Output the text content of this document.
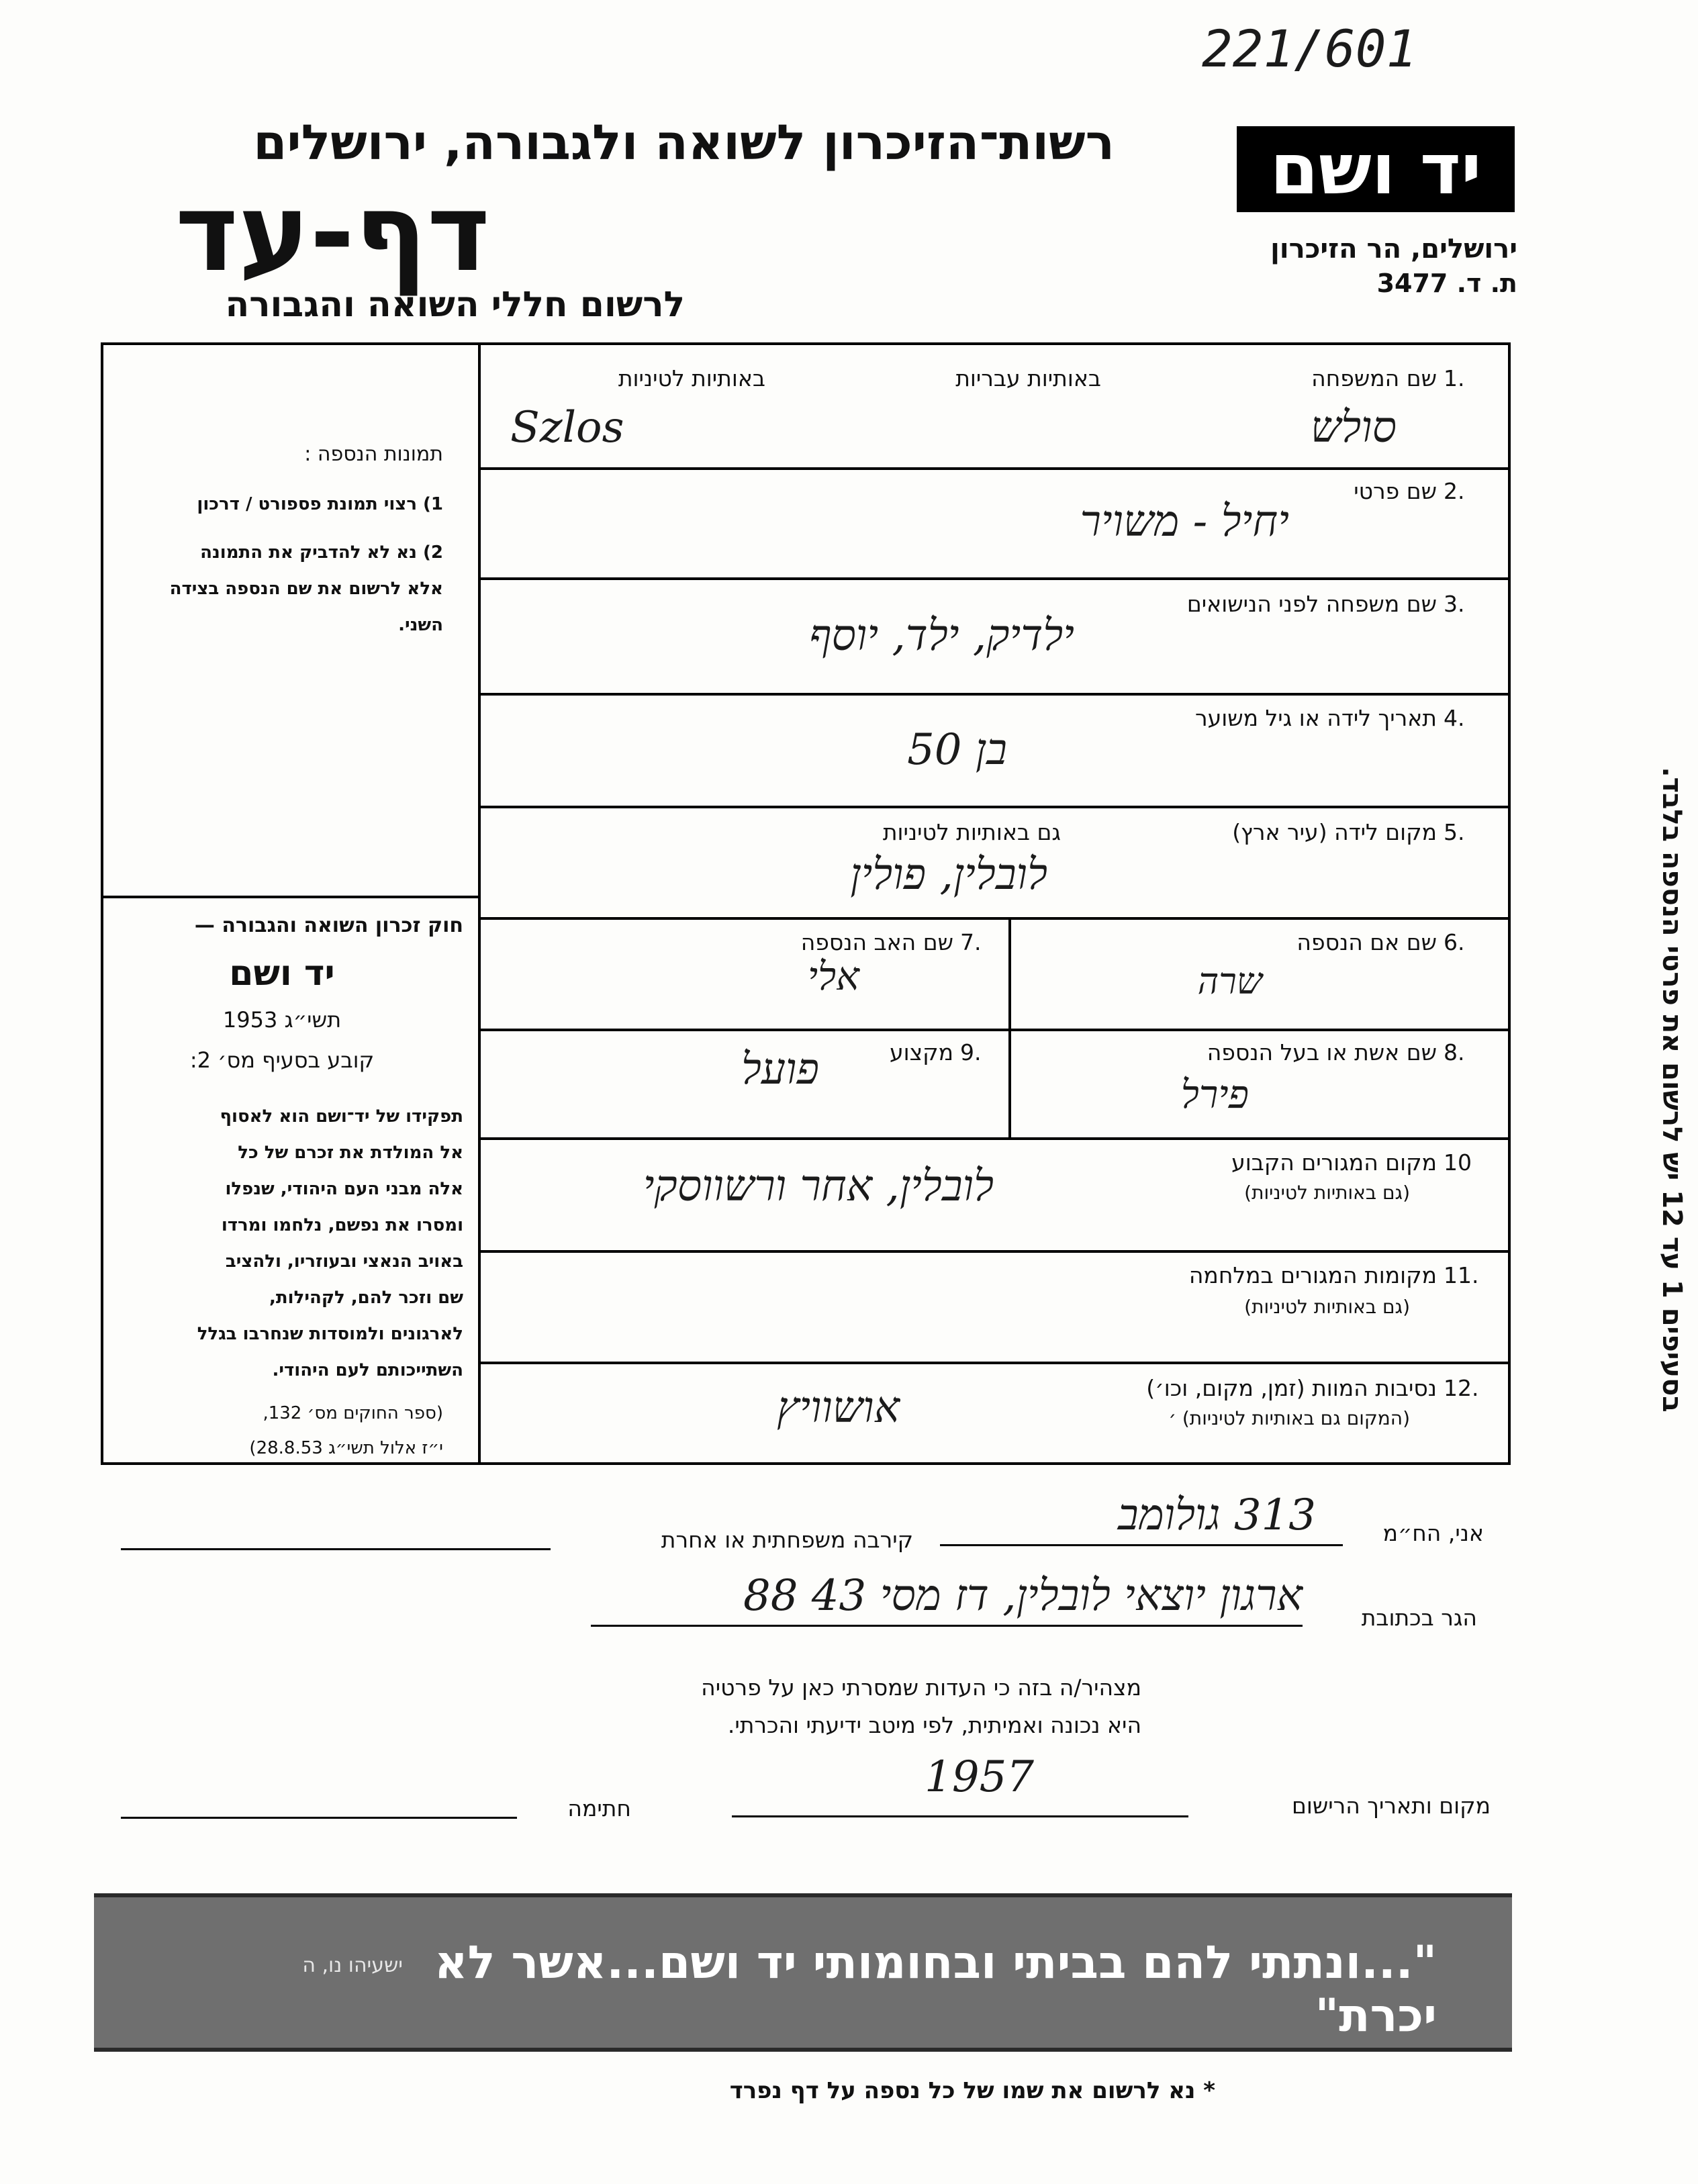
221/601
יד ושם
ירושלים, הר הזיכרון
ת. ד. 3477
רשות־הזיכרון לשואה ולגבורה, ירושלים
דף-עד
לרשום חללי השואה והגבורה
שם המשפחה 1.
באותיות עבריות
באותיות לטיניות
סולש
Szlos
שם פרטי 2.
יחיל - משויר
שם משפחה לפני הנישואים 3.
ילדיק, ילד, יוסף
תאריך לידה או גיל משוער 4.
בן 50
מקום לידה (עיר ארץ) 5.
גם באותיות לטיניות
לובלין, פולין
שם אם הנספה 6.
שרה
שם האב הנספה 7.
אלי
שם אשת או בעל הנספה 8.
פירל
מקצוע 9.
פועל
מקום המגורים הקבוע 10
(גם באותיות לטיניות)
לובלין, אחר ורשווסקי
מקומות המגורים במלחמה 11.
(גם באותיות לטיניות)
נסיבות המוות (זמן, מקום, וכו׳) 12.
(המקום גם באותיות לטיניות) ׳
אושוויץ
בסעיפים 1 עד 12 יש לרשום את פרטי הנספה בלבד.
תמונות הנספה :
1) רצוי תמונת פספורט / דרכון
2) נא לא להדביק את התמונה
אלא לרשום את שם הנספה בצידה
השני.
חוק זכרון השואה והגבורה —
יד ושם
תשי״ג 1953
קובע בסעיף מס׳ 2:
תפקידו של יד־ושם הוא לאסוף
אל המולדת את זכרם של כל
אלה מבני העם היהודי, שנפלו
ומסרו את נפשם, נלחמו ומרדו
באויב הנאצי ובעוזריו, ולהציב
שם וזכר להם, לקהילות,
לארגונים ולמוסדות שנחרבו בגלל
השתייכותם לעם היהודי.
(ספר החוקים מס׳ 132,
י״ז אלול תשי״ג 28.8.53)
אני, הח״מ
313 גולומב
קירבה משפחתית או אחרת
הגר בכתובת
ארגון יוצאי לובלין, דז מסי 43 88
מצהיר/ה בזה כי העדות שמסרתי כאן על פרטיה
היא נכונה ואמיתית, לפי מיטב ידיעתי והכרתי.
מקום ותאריך הרישום
1957
חתימה
"...ונתתי להם בביתי ובחומותי יד ושם...אשר לא יכרת"
ישעיהו נו, ה
* נא לרשום את שמו של כל נספה על דף נפרד
